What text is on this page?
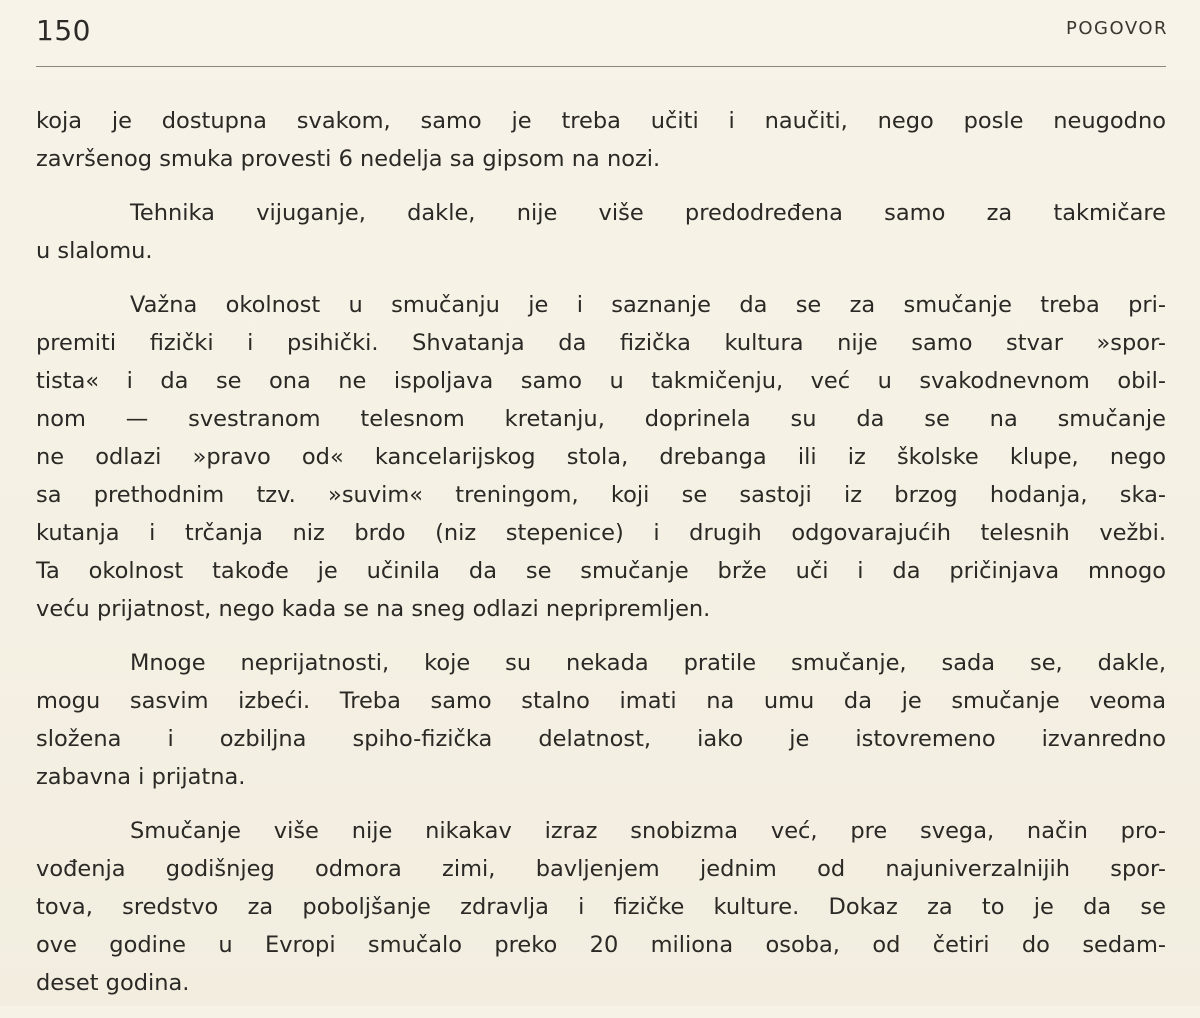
150	POGOVOR
koja je dostupna svakom, samo je treba učiti i naučiti, nego posle neugodno
završenog smuka provesti 6 nedelja sa gipsom na nozi.
Tehnika vijuganje, dakle, nije više predodređena samo za takmičare
u slalomu.
Važna okolnost u smučanju je i saznanje da se za smučanje treba pri-
premiti fizički i psihički. Shvatanja da fizička kultura nije samo stvar »spor-
tista« i da se ona ne ispoljava samo u takmičenju, već u svakodnevnom obil-
nom — svestranom telesnom kretanju, doprinela su da se na smučanje
ne odlazi »pravo od« kancelarijskog stola, drebanga ili iz školske klupe, nego
sa prethodnim tzv. »suvim« treningom, koji se sastoji iz brzog hodanja, ska-
kutanja i trčanja niz brdo (niz stepenice) i drugih odgovarajućih telesnih vežbi.
Ta okolnost takođe je učinila da se smučanje brže uči i da pričinjava mnogo
veću prijatnost, nego kada se na sneg odlazi nepripremljen.
Mnoge neprijatnosti, koje su nekada pratile smučanje, sada se, dakle,
mogu sasvim izbeći. Treba samo stalno imati na umu da je smučanje veoma
složena i ozbiljna spiho-fizička delatnost, iako je istovremeno izvanredno
zabavna i prijatna.
Smučanje više nije nikakav izraz snobizma već, pre svega, način pro-
vođenja godišnjeg odmora zimi, bavljenjem jednim od najuniverzalnijih spor-
tova, sredstvo za poboljšanje zdravlja i fizičke kulture. Dokaz za to je da se
ove godine u Evropi smučalo preko 20 miliona osoba, od četiri do sedam-
deset godina.
